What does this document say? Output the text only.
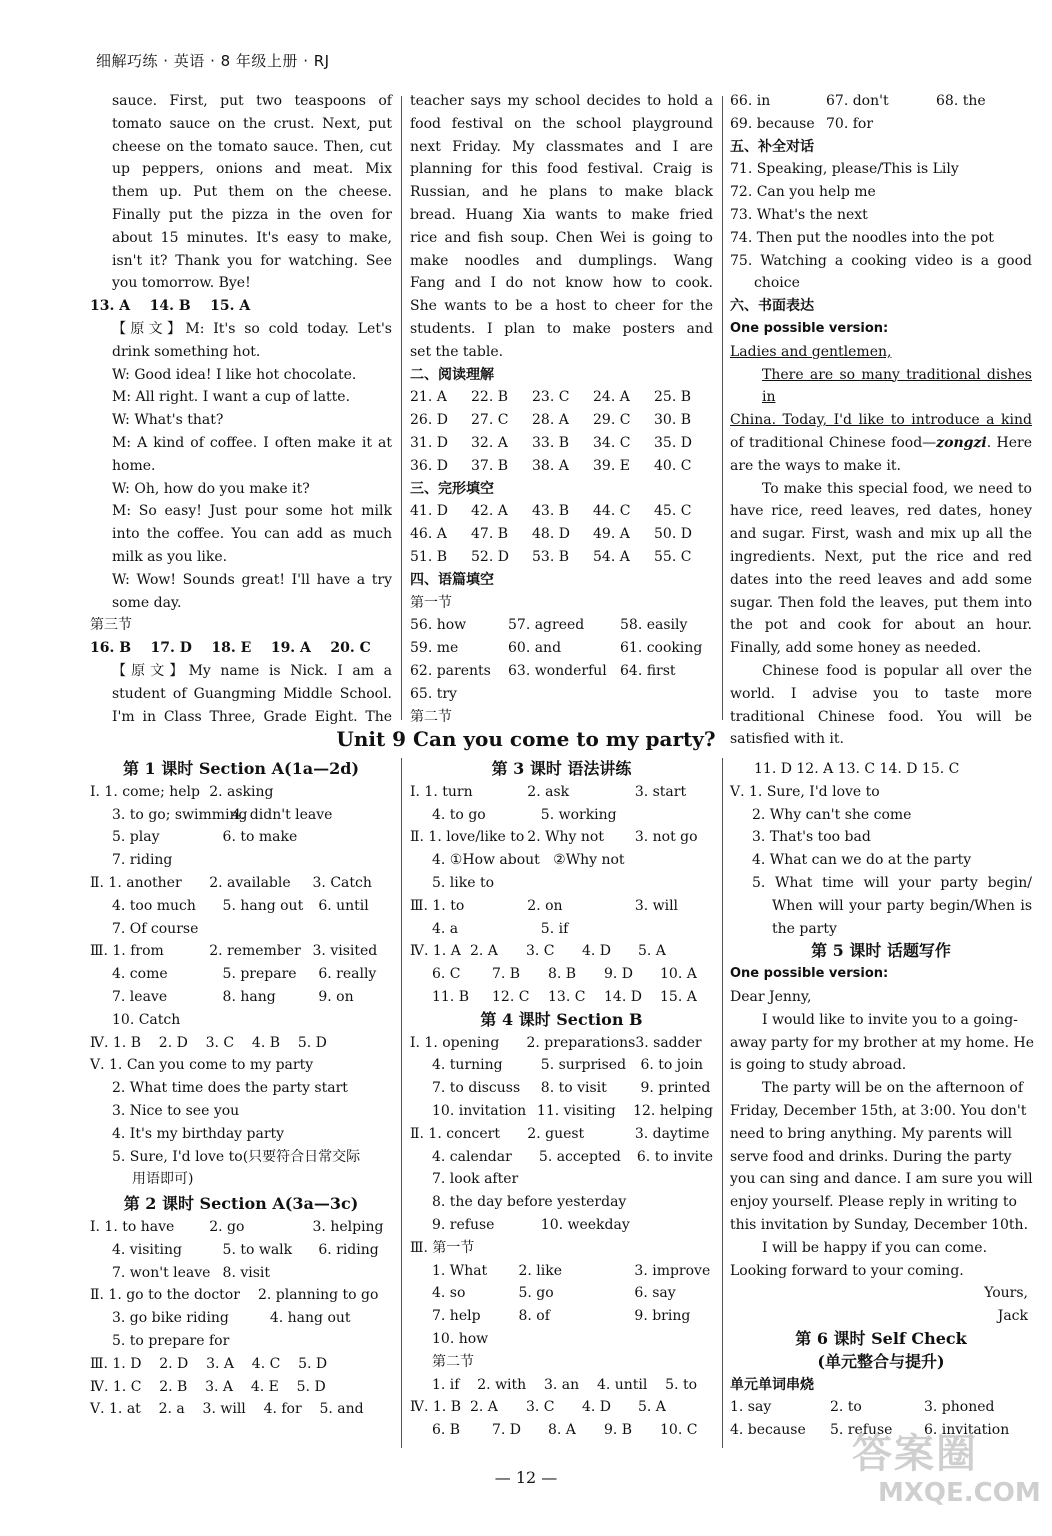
细解巧练 · 英语 · 8 年级上册 · RJ
sauce. First, put two teaspoons of
tomato sauce on the crust. Next, put
cheese on the tomato sauce. Then, cut
up peppers, onions and meat. Mix
them up. Put them on the cheese.
Finally put the pizza in the oven for
about 15 minutes. It's easy to make,
isn't it? Thank you for watching. See
you tomorrow. Bye!
13. A    14. B    15. A
【原文】M: It's so cold today. Let's
drink something hot.
W: Good idea! I like hot chocolate.
M: All right. I want a cup of latte.
W: What's that?
M: A kind of coffee. I often make it at
home.
W: Oh, how do you make it?
M: So easy! Just pour some hot milk
into the coffee. You can add as much
milk as you like.
W: Wow! Sounds great! I'll have a try
some day.
第三节
16. B    17. D    18. E    19. A    20. C
【原文】My name is Nick. I am a
student of Guangming Middle School.
I'm in Class Three, Grade Eight. The
teacher says my school decides to hold a
food festival on the school playground
next Friday. My classmates and I are
planning for this food festival. Craig is
Russian, and he plans to make black
bread. Huang Xia wants to make fried
rice and fish soup. Chen Wei is going to
make noodles and dumplings. Wang
Fang and I do not know how to cook.
She wants to be a host to cheer for the
students. I plan to make posters and
set the table.
二、阅读理解
21. A	22. B	23. C	24. A	25. B
26. D	27. C	28. A	29. C	30. B
31. D	32. A	33. B	34. C	35. D
36. D	37. B	38. A	39. E	40. C
三、完形填空
41. D	42. A	43. B	44. C	45. C
46. A	47. B	48. D	49. A	50. D
51. B	52. D	53. B	54. A	55. C
四、语篇填空
第一节
56. how	57. agreed	58. easily
59. me	60. and	61. cooking
62. parents	63. wonderful 64. first
65. try
第二节
66. in	67. don't	68. the
69. because 70. for
五、补全对话
71. Speaking, please/This is Lily
72. Can you help me
73. What's the next
74. Then put the noodles into the pot
75. Watching a cooking video is a good
choice
六、书面表达
One possible version:
Ladies and gentlemen,
There are so many traditional dishes in
China. Today, I'd like to introduce a kind
of traditional Chinese food—zongzi. Here
are the ways to make it.
To make this special food, we need to
have rice, reed leaves, red dates, honey
and sugar. First, wash and mix up all the
ingredients. Next, put the rice and red
dates into the reed leaves and add some
sugar. Then fold the leaves, put them into
the pot and cook for about an hour.
Finally, add some honey as needed.
Chinese food is popular all over the
world. I advise you to taste more
traditional Chinese food. You will be
satisfied with it.
Unit 9 Can you come to my party?
第 1 课时 Section A(1a—2d)
Ⅰ. 1. come; help 2. asking
3. to go; swimming
4. didn't leave
5. play	6. to make
7. riding
Ⅱ. 1. another	2. available	3. Catch
4. too much	5. hang out	6. until
7. Of course
Ⅲ. 1. from	2. remember 3. visited
4. come	5. prepare	6. really
7. leave	8. hang	9. on
10. Catch
Ⅳ. 1. B    2. D    3. C    4. B    5. D
Ⅴ. 1. Can you come to my party
2. What time does the party start
3. Nice to see you
4. It's my birthday party
5. Sure, I'd love to(只要符合日常交际
用语即可)
第 2 课时 Section A(3a—3c)
Ⅰ. 1. to have	2. go	3. helping
4. visiting	5. to walk	6. riding
7. won't leave 8. visit
Ⅱ. 1. go to the doctor	2. planning to go
3. go bike riding	4. hang out
5. to prepare for
Ⅲ. 1. D    2. D    3. A    4. C    5. D
Ⅳ. 1. C    2. B    3. A    4. E    5. D
Ⅴ. 1. at    2. a    3. will    4. for    5. and
第 3 课时 语法讲练
Ⅰ. 1. turn	2. ask	3. start
4. to go	5. working
Ⅱ. 1. love/like to 2. Why not	3. not go
4. ①How about   ②Why not
5. like to
Ⅲ. 1. to	2. on	3. will
4. a	5. if
Ⅳ. 1. A 2. A	3. C	4. D	5. A
6. C	7. B	8. B	9. D	10. A
11. B	12. C	13. C	14. D	15. A
第 4 课时 Section B
Ⅰ. 1. opening	2. preparations 3. sadder
4. turning	5. surprised	6. to join
7. to discuss	8. to visit	9. printed
10. invitation 11. visiting	12. helping
Ⅱ. 1. concert	2. guest	3. daytime
4. calendar	5. accepted	6. to invite
7. look after
8. the day before yesterday
9. refuse	10. weekday
Ⅲ. 第一节
1. What	2. like	3. improve
4. so	5. go	6. say
7. help	8. of	9. bring
10. how
第二节
1. if    2. with    3. an    4. until    5. to
Ⅳ. 1. B 2. A	3. C	4. D	5. A
6. B	7. D	8. A	9. B	10. C
11. D 12. A 13. C 14. D 15. C
Ⅴ. 1. Sure, I'd love to
2. Why can't she come
3. That's too bad
4. What can we do at the party
5. What time will your party begin/
When will your party begin/When is
the party
第 5 课时 话题写作
One possible version:
Dear Jenny,
I would like to invite you to a going-
away party for my brother at my home. He
is going to study abroad.
The party will be on the afternoon of
Friday, December 15th, at 3:00. You don't
need to bring anything. My parents will
serve food and drinks. During the party
you can sing and dance. I am sure you will
enjoy yourself. Please reply in writing to
this invitation by Sunday, December 10th.
I will be happy if you can come.
Looking forward to your coming.
Yours,
Jack
第 6 课时 Self Check
(单元整合与提升)
单元单词串烧
1. say	2. to	3. phoned
4. because	5. refuse	6. invitation
— 12 —
答案圈
MXQE.COM
